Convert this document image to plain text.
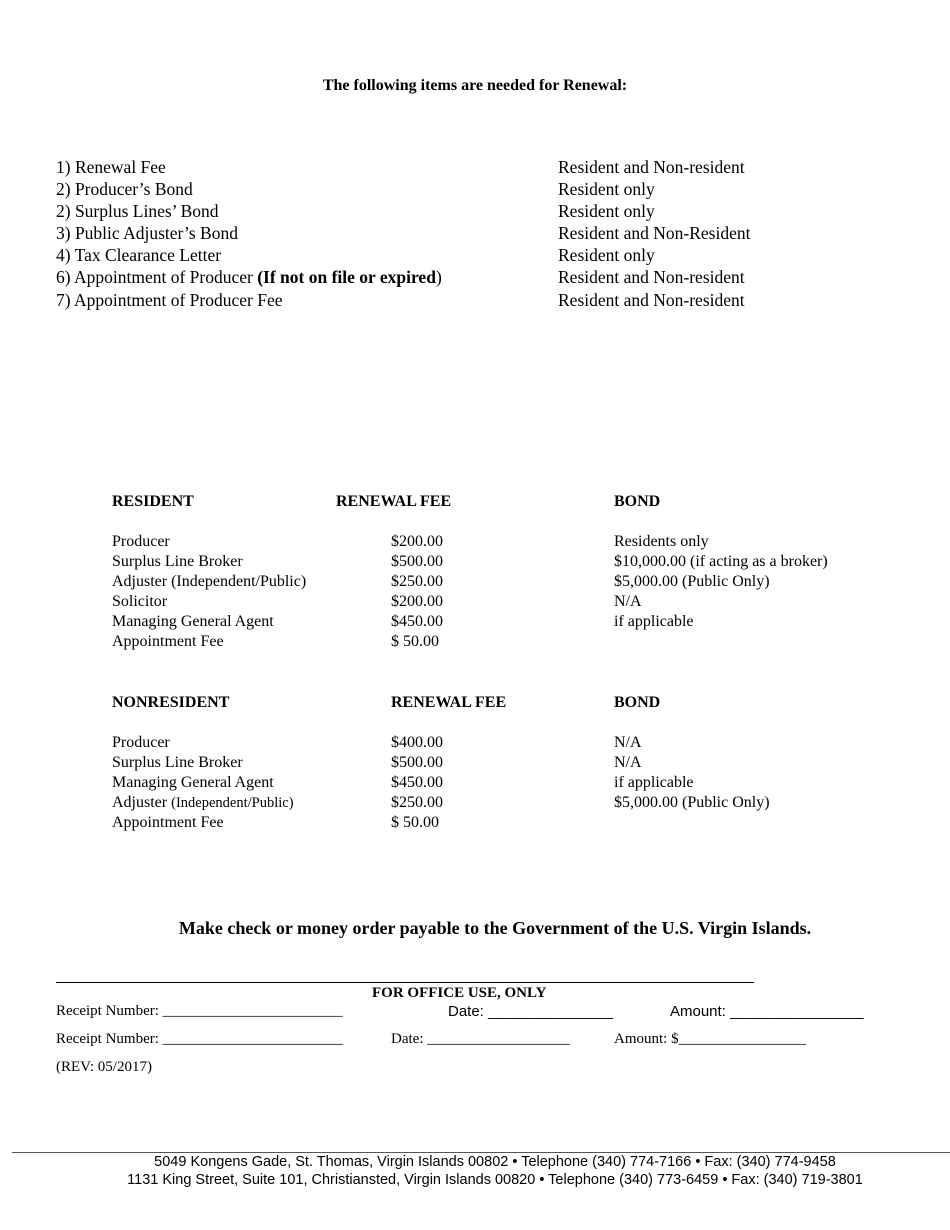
The following items are needed for Renewal:
1) Renewal Fee	Resident and Non-resident
2) Producer’s Bond	Resident only
2) Surplus Lines’ Bond	Resident only
3) Public Adjuster’s Bond	Resident and Non-Resident
4) Tax Clearance Letter	Resident only
6) Appointment of Producer (If not on file or expired)	Resident and Non-resident
7) Appointment of Producer Fee	Resident and Non-resident
RESIDENT	RENEWAL FEE	BOND
Producer	$200.00	Residents only
Surplus Line Broker	$500.00	$10,000.00 (if acting as a broker)
Adjuster (Independent/Public)	$250.00	$5,000.00 (Public Only)
Solicitor	$200.00	N/A
Managing General Agent	$450.00	if applicable
Appointment Fee	$ 50.00
NONRESIDENT	RENEWAL FEE	BOND
Producer	$400.00	N/A
Surplus Line Broker	$500.00	N/A
Managing General Agent	$450.00	if applicable
Adjuster (Independent/Public)	$250.00	$5,000.00 (Public Only)
Appointment Fee	$ 50.00
Make check or money order payable to the Government of the U.S. Virgin Islands.
FOR OFFICE USE, ONLY
Receipt Number: ________________________	Date: _______________	Amount: ________________
Receipt Number: ________________________	Date: ___________________	Amount: $_________________
(REV: 05/2017)
5049 Kongens Gade, St. Thomas, Virgin Islands 00802 • Telephone (340) 774-7166 • Fax: (340) 774-9458
1131 King Street, Suite 101, Christiansted, Virgin Islands 00820 • Telephone (340) 773-6459 • Fax: (340) 719-3801
